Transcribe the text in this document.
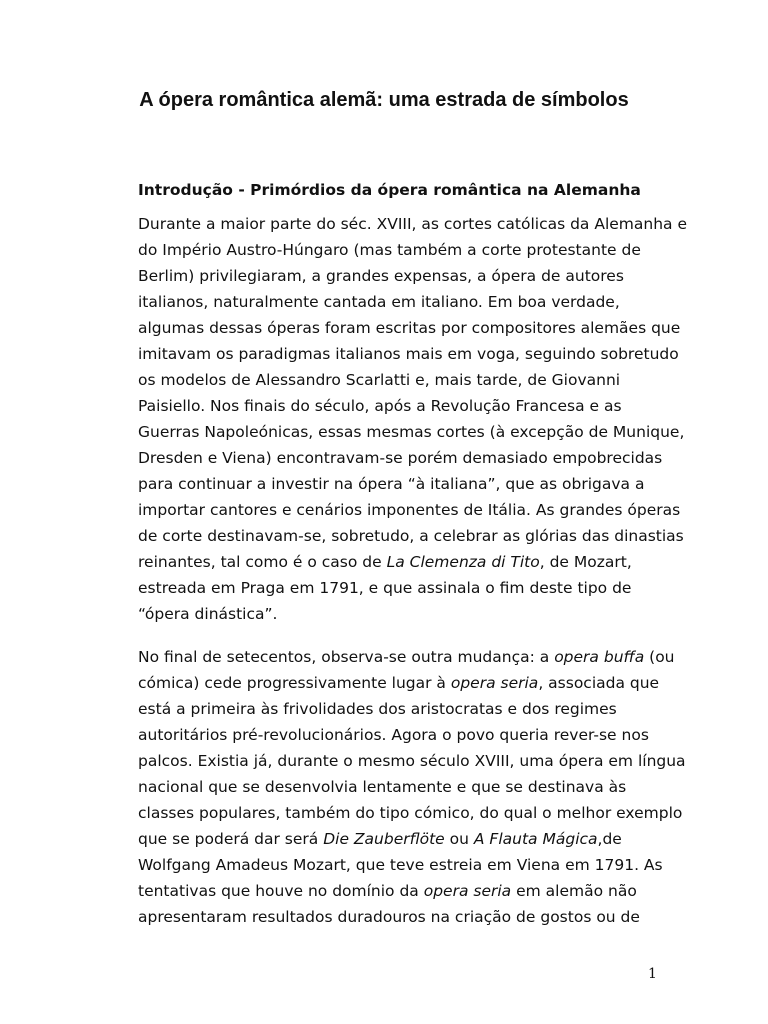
A ópera romântica alemã: uma estrada de símbolos
Introdução - Primórdios da ópera romântica na Alemanha

Durante a maior parte do séc. XVIII, as cortes católicas da Alemanha e
do Império Austro-Húngaro (mas também a corte protestante de
Berlim) privilegiaram, a grandes expensas, a ópera de autores
italianos, naturalmente cantada em italiano. Em boa verdade,
algumas dessas óperas foram escritas por compositores alemães que
imitavam os paradigmas italianos mais em voga, seguindo sobretudo
os modelos de Alessandro Scarlatti e, mais tarde, de Giovanni
Paisiello. Nos finais do século, após a Revolução Francesa e as
Guerras Napoleónicas, essas mesmas cortes (à excepção de Munique,
Dresden e Viena) encontravam-se porém demasiado empobrecidas
para continuar a investir na ópera “à italiana”, que as obrigava a
importar cantores e cenários imponentes de Itália. As grandes óperas
de corte destinavam-se, sobretudo, a celebrar as glórias das dinastias
reinantes, tal como é o caso de La Clemenza di Tito, de Mozart,
estreada em Praga em 1791, e que assinala o fim deste tipo de
“ópera dinástica”.

No final de setecentos, observa-se outra mudança: a opera buffa (ou
cómica) cede progressivamente lugar à opera seria, associada que
está a primeira às frivolidades dos aristocratas e dos regimes
autoritários pré-revolucionários. Agora o povo queria rever-se nos
palcos. Existia já, durante o mesmo século XVIII, uma ópera em língua
nacional que se desenvolvia lentamente e que se destinava às
classes populares, também do tipo cómico, do qual o melhor exemplo
que se poderá dar será Die Zauberflöte ou A Flauta Mágica,de
Wolfgang Amadeus Mozart, que teve estreia em Viena em 1791. As
tentativas que houve no domínio da opera seria em alemão não
apresentaram resultados duradouros na criação de gostos ou de

1
